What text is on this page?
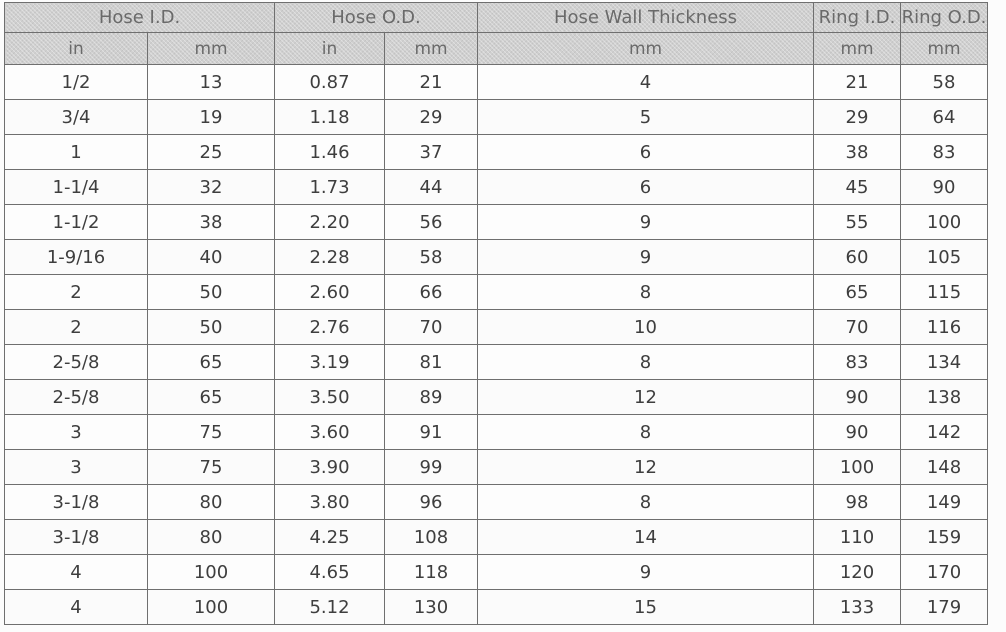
Hose I.D.		Hose O.D.		Hose Wall Thickness	Ring I.D.	Ring O.D.
in	mm	in	mm	mm	mm	mm
1/2	13	0.87	21	4	21	58
3/4	19	1.18	29	5	29	64
1	25	1.46	37	6	38	83
1-1/4	32	1.73	44	6	45	90
1-1/2	38	2.20	56	9	55	100
1-9/16	40	2.28	58	9	60	105
2	50	2.60	66	8	65	115
2	50	2.76	70	10	70	116
2-5/8	65	3.19	81	8	83	134
2-5/8	65	3.50	89	12	90	138
3	75	3.60	91	8	90	142
3	75	3.90	99	12	100	148
3-1/8	80	3.80	96	8	98	149
3-1/8	80	4.25	108	14	110	159
4	100	4.65	118	9	120	170
4	100	5.12	130	15	133	179
